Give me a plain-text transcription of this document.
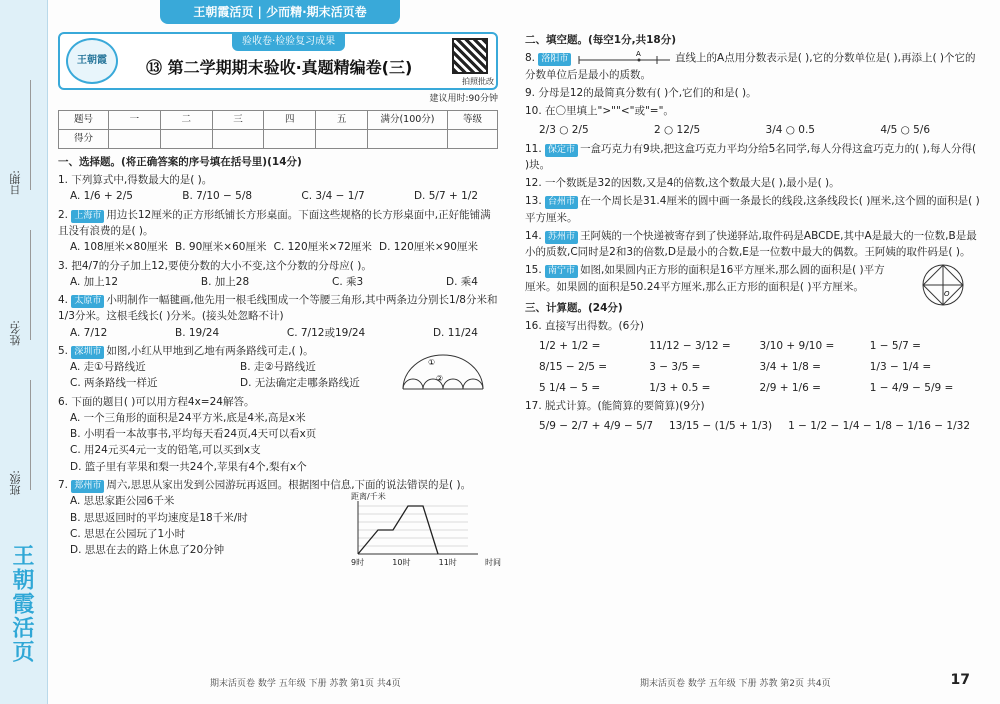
日期:
姓名:
班级:
王朝霞活页
王朝霞活页 | 少而精·期末活页卷
王朝霞
验收卷·检验复习成果
⑬ 第二学期期末验收·真题精编卷(三)
拍照批改
建议用时:90分钟
题号	一	二	三	四	五	满分(100分)	等级
得分							
一、选择题。(将正确答案的序号填在括号里)(14分)
1. 下列算式中,得数最大的是( )。
A. 1/6 + 2/5	B. 7/10 − 5/8	C. 3/4 − 1/7	D. 5/7 + 1/2
2. 上海市 用边长12厘米的正方形纸铺长方形桌面。下面这些规格的长方形桌面中,正好能铺满且没有浪费的是( )。
A. 108厘米×80厘米 B. 90厘米×60厘米 C. 120厘米×72厘米 D. 120厘米×90厘米
3. 把4/7的分子加上12,要使分数的大小不变,这个分数的分母应( )。
A. 加上12	B. 加上28	C. 乘3	D. 乘4
4. 太原市 小明制作一幅毽画,他先用一根毛线围成一个等腰三角形,其中两条边分别长1/8分米和1/3分米。这根毛线长( )分米。(接头处忽略不计)
A. 7/12	B. 19/24	C. 7/12或19/24	D. 11/24
5. 深圳市 如图,小红从甲地到乙地有两条路线可走,( )。
A. 走①号路线近	B. 走②号路线近
C. 两条路线一样近	D. 无法确定走哪条路线近
①
②
6. 下面的题目( )可以用方程4x=24解答。
A. 一个三角形的面积是24平方米,底是4米,高是x米
B. 小明看一本故事书,平均每天看24页,4天可以看x页
C. 用24元买4元一支的铅笔,可以买到x支
D. 篮子里有苹果和梨一共24个,苹果有4个,梨有x个
7. 郑州市 周六,思思从家出发到公园游玩再返回。根据图中信息,下面的说法错误的是( )。
A. 思思家距公园6千米
B. 思思返回时的平均速度是18千米/时
C. 思思在公园玩了1小时
D. 思思在去的路上休息了20分钟
距离/千米
9时	10时	11时	时间
期末活页卷 数学 五年级 下册 苏教 第1页 共4页
二、填空题。(每空1分,共18分)
8. 洛阳市	A	直线上的A点用分数表示是( ),它的分数单位是( ),再添上( )个它的分数单位后是最小的质数。
9. 分母是12的最简真分数有( )个,它们的和是( )。
10. 在〇里填上">""<"或"="。
2/3 ○ 2/5	2 ○ 12/5	3/4 ○ 0.5	4/5 ○ 5/6
11. 保定市 一盒巧克力有9块,把这盒巧克力平均分给5名同学,每人分得这盒巧克力的( ),每人分得( )块。
12. 一个数既是32的因数,又是4的倍数,这个数最大是( ),最小是( )。
13. 台州市 在一个周长是31.4厘米的圆中画一条最长的线段,这条线段长( )厘米,这个圆的面积是( )平方厘米。
14. 苏州市 王阿姨的一个快递被寄存到了快递驿站,取件码是ABCDE,其中A是最大的一位数,B是最小的质数,C同时是2和3的倍数,D是最小的合数,E是一位数中最大的偶数。王阿姨的取件码是( )。
15. 南宁市 如图,如果圆内正方形的面积是16平方厘米,那么圆的面积是( )平方厘米。如果圆的面积是50.24平方厘米,那么正方形的面积是( )平方厘米。
O
三、计算题。(24分)
16. 直接写出得数。(6分)
1/2 + 1/2 =	11/12 − 3/12 =	3/10 + 9/10 =	1 − 5/7 =
8/15 − 2/5 =	3 − 3/5 =	3/4 + 1/8 =	1/3 − 1/4 =
5 1/4 − 5 =	1/3 + 0.5 =	2/9 + 1/6 =	1 − 4/9 − 5/9 =
17. 脱式计算。(能简算的要简算)(9分)
5/9 − 2/7 + 4/9 − 5/7 13/15 − (1/5 + 1/3) 1 − 1/2 − 1/4 − 1/8 − 1/16 − 1/32
期末活页卷 数学 五年级 下册 苏教 第2页 共4页	17
